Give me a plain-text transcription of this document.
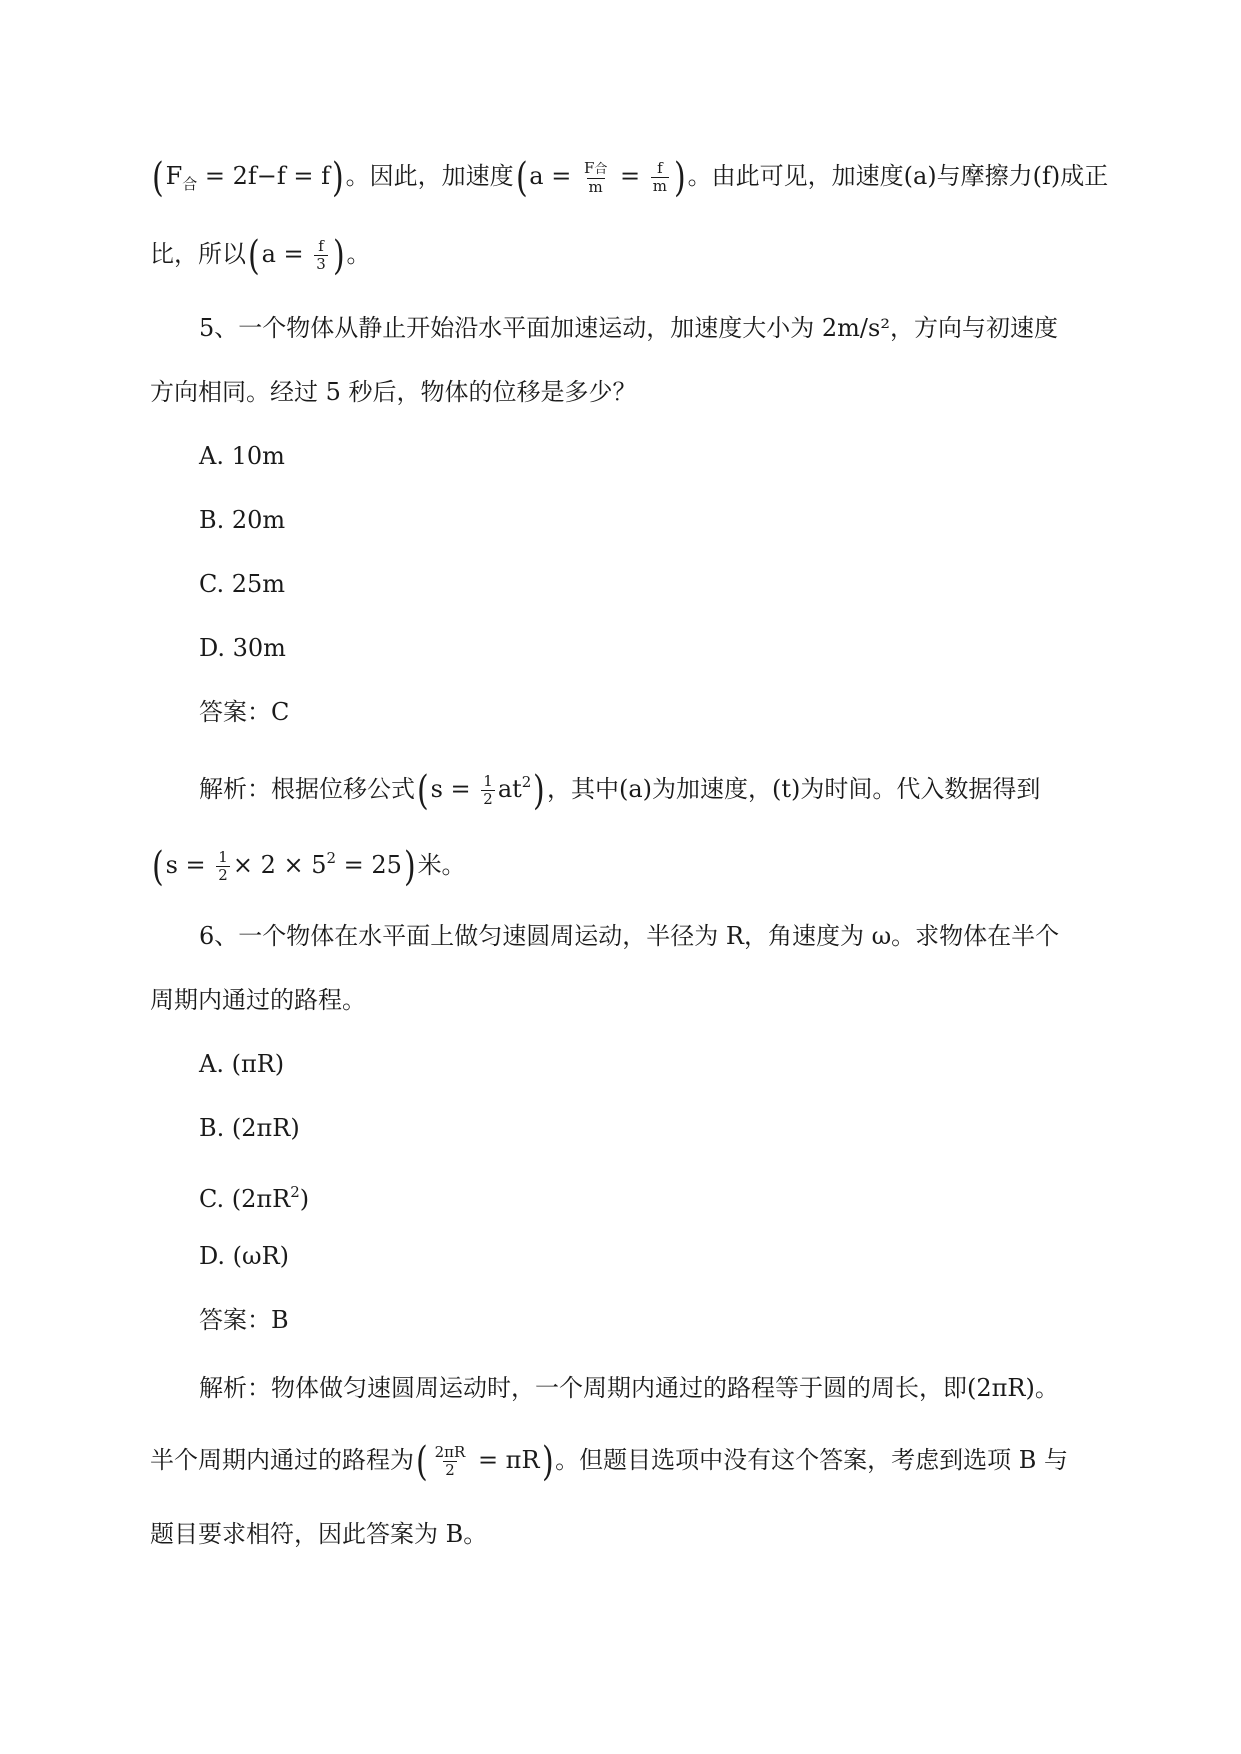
$(F_合 = 2f-f = f)$。因此，加速度($a = \frac{\text{F合}}{m} = \frac{f}{m}$ )。由此可见，加速度(a)与摩擦力(f)成正
比，所以($a = \frac{f}{3}$ )。
5、一个物体从静止开始沿水平面加速运动，加速度大小为 2m/s²，方向与初速度
方向相同。经过 5 秒后，物体的位移是多少？
A. 10m
B. 20m
C. 25m
D. 30m
答案：C
解析：根据位移公式$(s = \frac{1}{2} at^2)$，其中(a)为加速度，(t)为时间。代入数据得到
$(s = \frac{1}{2} \times 2 \times 5^2 = 25)$米。
6、一个物体在水平面上做匀速圆周运动，半径为 R，角速度为 ω。求物体在半个
周期内通过的路程。
A. (πR)
B. (2πR)
C. $(2\pi R^2)$
D. (ωR)
答案：B
解析：物体做匀速圆周运动时，一个周期内通过的路程等于圆的周长，即(2πR)。
半个周期内通过的路程为( $\frac{2\pi R}{2} = \pi R$)。但题目选项中没有这个答案，考虑到选项 B 与
题目要求相符，因此答案为 B。
